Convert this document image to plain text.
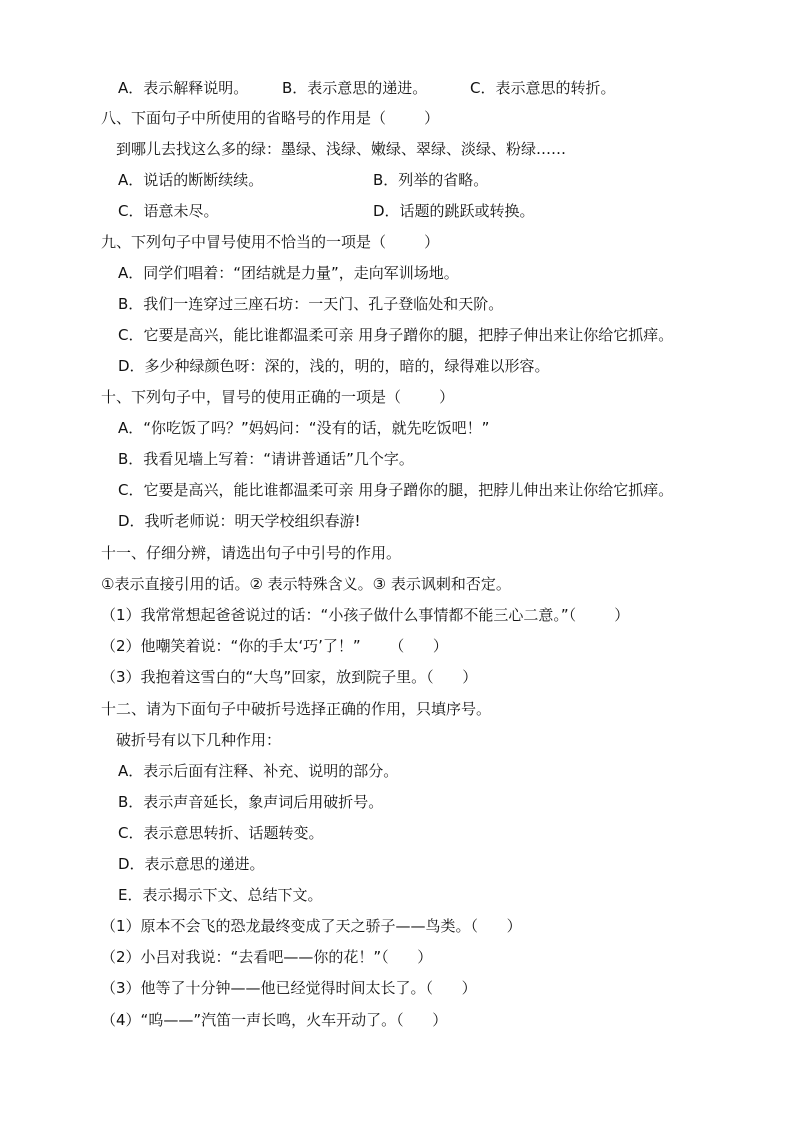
A．表示解释说明。 B．表示意思的递进。	C．表示意思的转折。
八、下面句子中所使用的省略号的作用是（        ）
到哪儿去找这么多的绿：墨绿、浅绿、嫩绿、翠绿、淡绿、粉绿……
A．说话的断断续续。	B．列举的省略。
C．语意未尽。	D．话题的跳跃或转换。
九、下列句子中冒号使用不恰当的一项是（        ）
A．同学们唱着：“团结就是力量”，走向军训场地。
B．我们一连穿过三座石坊：一天门、孔子登临处和天阶。
C．它要是高兴，能比谁都温柔可亲 用身子蹭你的腿，把脖子伸出来让你给它抓痒。
D．多少种绿颜色呀：深的，浅的，明的，暗的，绿得难以形容。
十、下列句子中，冒号的使用正确的一项是（        ）
A．“你吃饭了吗？”妈妈问：“没有的话，就先吃饭吧！”
B．我看见墙上写着：“请讲普通话”几个字。
C．它要是高兴，能比谁都温柔可亲 用身子蹭你的腿，把脖儿伸出来让你给它抓痒。
D．我听老师说：明天学校组织春游!
十一、仔细分辨，请选出句子中引号的作用。
①表示直接引用的话。② 表示特殊含义。③ 表示讽刺和否定。
（1）我常常想起爸爸说过的话：“小孩子做什么事情都不能三心二意。”（        ）
（2）他嘲笑着说：“你的手太‘巧’了！”      （      ）
（3）我抱着这雪白的“大鸟”回家，放到院子里。（      ）
十二、请为下面句子中破折号选择正确的作用，只填序号。
破折号有以下几种作用：
A．表示后面有注释、补充、说明的部分。
B．表示声音延长，象声词后用破折号。
C．表示意思转折、话题转变。
D．表示意思的递进。
E．表示揭示下文、总结下文。
（1）原本不会飞的恐龙最终变成了天之骄子——鸟类。（      ）
（2）小吕对我说：“去看吧——你的花！”（      ）
（3）他等了十分钟——他已经觉得时间太长了。（      ）
（4）“呜——”汽笛一声长鸣，火车开动了。（      ）
